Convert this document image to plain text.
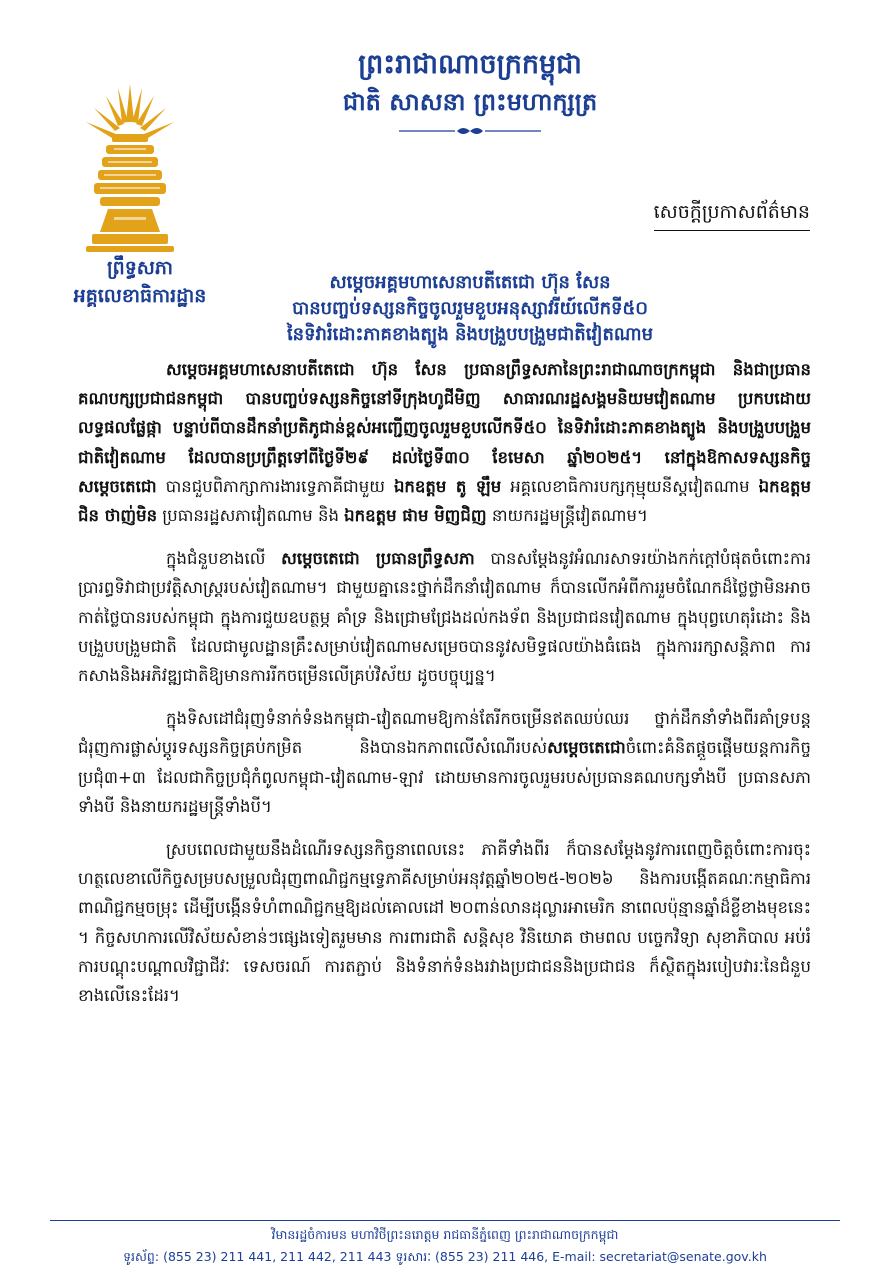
ព្រះរាជាណាចក្រកម្ពុជា
ជាតិ សាសនា ព្រះមហាក្សត្រ
ព្រឹទ្ធសភា
អគ្គលេខាធិការដ្ឋាន
សេចក្ដីប្រកាសព័ត៌មាន
សម្ដេចអគ្គមហាសេនាបតីតេជោ ហ៊ុន សែន
បានបញ្ចប់ទស្សនកិច្ចចូលរួមខួបអនុស្សាវរីយ៍លើកទី៥០
នៃទិវារំដោះភាគខាងត្បូង និងបង្រួបបង្រួមជាតិវៀតណាម

សម្ដេចអគ្គមហាសេនាបតីតេជោ ហ៊ុន សែន ប្រធានព្រឹទ្ធសភានៃព្រះរាជាណាចក្រកម្ពុជា និងជាប្រធានគណបក្សប្រជាជនកម្ពុជា បានបញ្ចប់ទស្សនកិច្ចនៅទីក្រុងហូជីមិញ សាធារណរដ្ឋសង្គមនិយមវៀតណាម ប្រកបដោយលទ្ធផលផ្លែផ្កា បន្ទាប់ពីបានដឹកនាំប្រតិភូជាន់ខ្ពស់អញ្ជើញចូលរួមខួបលើកទី៥០ នៃទិវារំដោះភាគខាងត្បូង និងបង្រួបបង្រួមជាតិវៀតណាម ដែលបានប្រព្រឹត្តទៅពីថ្ងៃទី២៩ ដល់ថ្ងៃទី៣០ ខែមេសា ឆ្នាំ២០២៥។ នៅក្នុងឱកាសទស្សនកិច្ច សម្ដេចតេជោ បានជួបពិភាក្សាការងារទ្វេភាគីជាមួយ ឯកឧត្តម តូ ឡឹម អគ្គលេខាធិការបក្សកុម្មុយនីស្តវៀតណាម ឯកឧត្តម ជិន ថាញ់មិន ប្រធានរដ្ឋសភាវៀតណាម និង ឯកឧត្តម ផាម មិញជិញ នាយករដ្ឋមន្ត្រីវៀតណាម។

ក្នុងជំនួបខាងលើ សម្ដេចតេជោ ប្រធានព្រឹទ្ធសភា បានសម្ដែងនូវអំណរសាទរយ៉ាងកក់ក្ដៅបំផុតចំពោះការប្រារព្ធទិវាជាប្រវត្តិសាស្ត្ររបស់វៀតណាម។ ជាមួយគ្នានេះថ្នាក់ដឹកនាំវៀតណាម ក៏បានលើកអំពីការរួមចំណែកដ៏ថ្លៃថ្លាមិនអាចកាត់ថ្លៃបានរបស់កម្ពុជា ក្នុងការជួយឧបត្ថម្ភ គាំទ្រ និងជ្រោមជ្រែងដល់កងទ័ព និងប្រជាជនវៀតណាម ក្នុងបុព្វហេតុរំដោះ និងបង្រួបបង្រួមជាតិ ដែលជាមូលដ្ឋានគ្រឹះសម្រាប់វៀតណាមសម្រេចបាននូវសមិទ្ធផលយ៉ាងធំធេង ក្នុងការរក្សាសន្តិភាព ការកសាងនិងអភិវឌ្ឍជាតិឱ្យមានការរីកចម្រើនលើគ្រប់វិស័យ ដូចបច្ចុប្បន្ន។

ក្នុងទិសដៅជំរុញទំនាក់ទំនងកម្ពុជា-វៀតណាមឱ្យកាន់តែរីកចម្រើនឥតឈប់ឈរ ថ្នាក់ដឹកនាំទាំងពីរគាំទ្របន្តជំរុញការផ្លាស់ប្ដូរទស្សនកិច្ចគ្រប់កម្រិត និងបានឯកភាពលើសំណើរបស់សម្ដេចតេជោចំពោះគំនិតផ្ដួចផ្ដើមយន្តការកិច្ចប្រជុំ៣+៣ ដែលជាកិច្ចប្រជុំកំពូលកម្ពុជា-វៀតណាម-ឡាវ ដោយមានការចូលរួមរបស់ប្រធានគណបក្សទាំងបី ប្រធានសភាទាំងបី និងនាយករដ្ឋមន្ត្រីទាំងបី។

ស្របពេលជាមួយនឹងដំណើរទស្សនកិច្ចនាពេលនេះ ភាគីទាំងពីរ ក៏បានសម្ដែងនូវការពេញចិត្តចំពោះការចុះហត្ថលេខាលើកិច្ចសម្របសម្រួលជំរុញពាណិជ្ជកម្មទ្វេភាគីសម្រាប់អនុវត្តឆ្នាំ២០២៥-២០២៦ និងការបង្កើតគណៈកម្មាធិការពាណិជ្ជកម្មចម្រុះ ដើម្បីបង្កើនទំហំពាណិជ្ជកម្មឱ្យដល់គោលដៅ ២០ពាន់លានដុល្លារអាមេរិក នាពេលប៉ុន្មានឆ្នាំដ៏ខ្លីខាងមុខនេះ ។ កិច្ចសហការលើវិស័យសំខាន់ៗផ្សេងទៀតរួមមាន ការពារជាតិ សន្តិសុខ វិនិយោគ ថាមពល បច្ចេកវិទ្យា សុខាភិបាល អប់រំ ការបណ្ដុះបណ្ដាលវិជ្ជាជីវៈ ទេសចរណ៍ ការតភ្ជាប់ និងទំនាក់ទំនងរវាងប្រជាជននិងប្រជាជន ក៏ស្ថិតក្នុងរបៀបវារៈនៃជំនួបខាងលើនេះដែរ។

វិមានរដ្ឋចំការមន មហាវិថីព្រះនរោត្តម រាជធានីភ្នំពេញ ព្រះរាជាណាចក្រកម្ពុជា
ទូរស័ព្ទ: (855 23) 211 441, 211 442, 211 443 ទូរសារៈ (855 23) 211 446, E-mail: secretariat@senate.gov.kh
